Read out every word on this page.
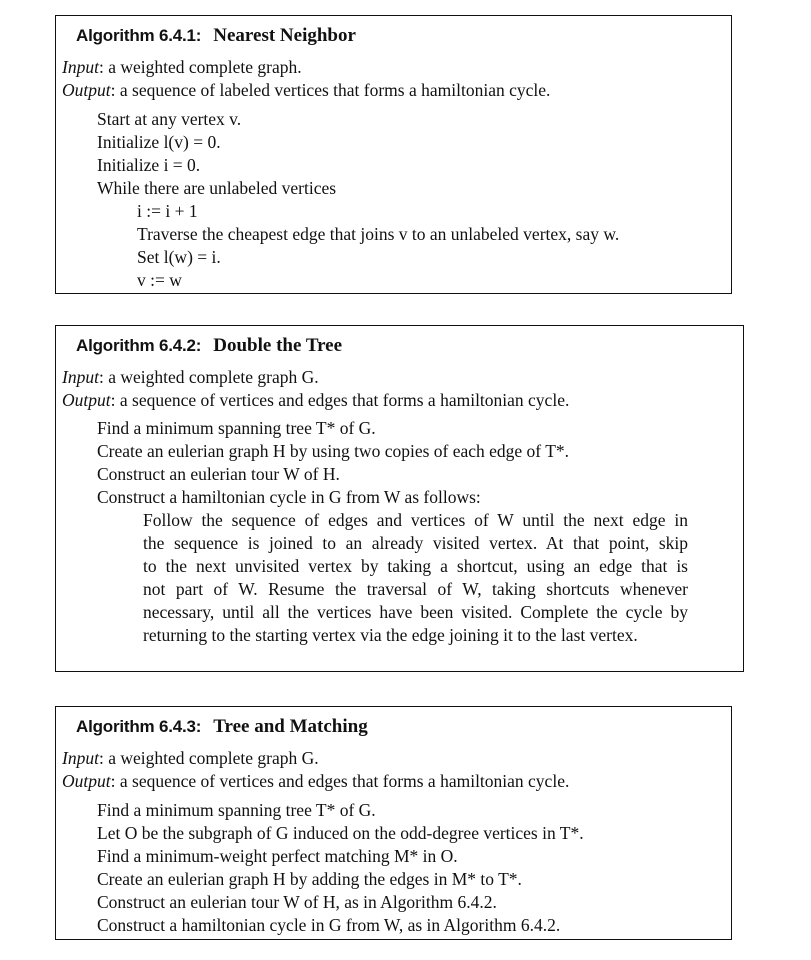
Algorithm 6.4.1: Nearest Neighbor
Input: a weighted complete graph.
Output: a sequence of labeled vertices that forms a hamiltonian cycle.
Start at any vertex v.
Initialize l(v) = 0.
Initialize i = 0.
While there are unlabeled vertices
i := i + 1
Traverse the cheapest edge that joins v to an unlabeled vertex, say w.
Set l(w) = i.
v := w
Algorithm 6.4.2: Double the Tree
Input: a weighted complete graph G.
Output: a sequence of vertices and edges that forms a hamiltonian cycle.
Find a minimum spanning tree T* of G.
Create an eulerian graph H by using two copies of each edge of T*.
Construct an eulerian tour W of H.
Construct a hamiltonian cycle in G from W as follows:
Follow the sequence of edges and vertices of W until the next edge in
the sequence is joined to an already visited vertex. At that point, skip
to the next unvisited vertex by taking a shortcut, using an edge that is
not part of W. Resume the traversal of W, taking shortcuts whenever
necessary, until all the vertices have been visited. Complete the cycle by
returning to the starting vertex via the edge joining it to the last vertex.
Algorithm 6.4.3: Tree and Matching
Input: a weighted complete graph G.
Output: a sequence of vertices and edges that forms a hamiltonian cycle.
Find a minimum spanning tree T* of G.
Let O be the subgraph of G induced on the odd-degree vertices in T*.
Find a minimum-weight perfect matching M* in O.
Create an eulerian graph H by adding the edges in M* to T*.
Construct an eulerian tour W of H, as in Algorithm 6.4.2.
Construct a hamiltonian cycle in G from W, as in Algorithm 6.4.2.
